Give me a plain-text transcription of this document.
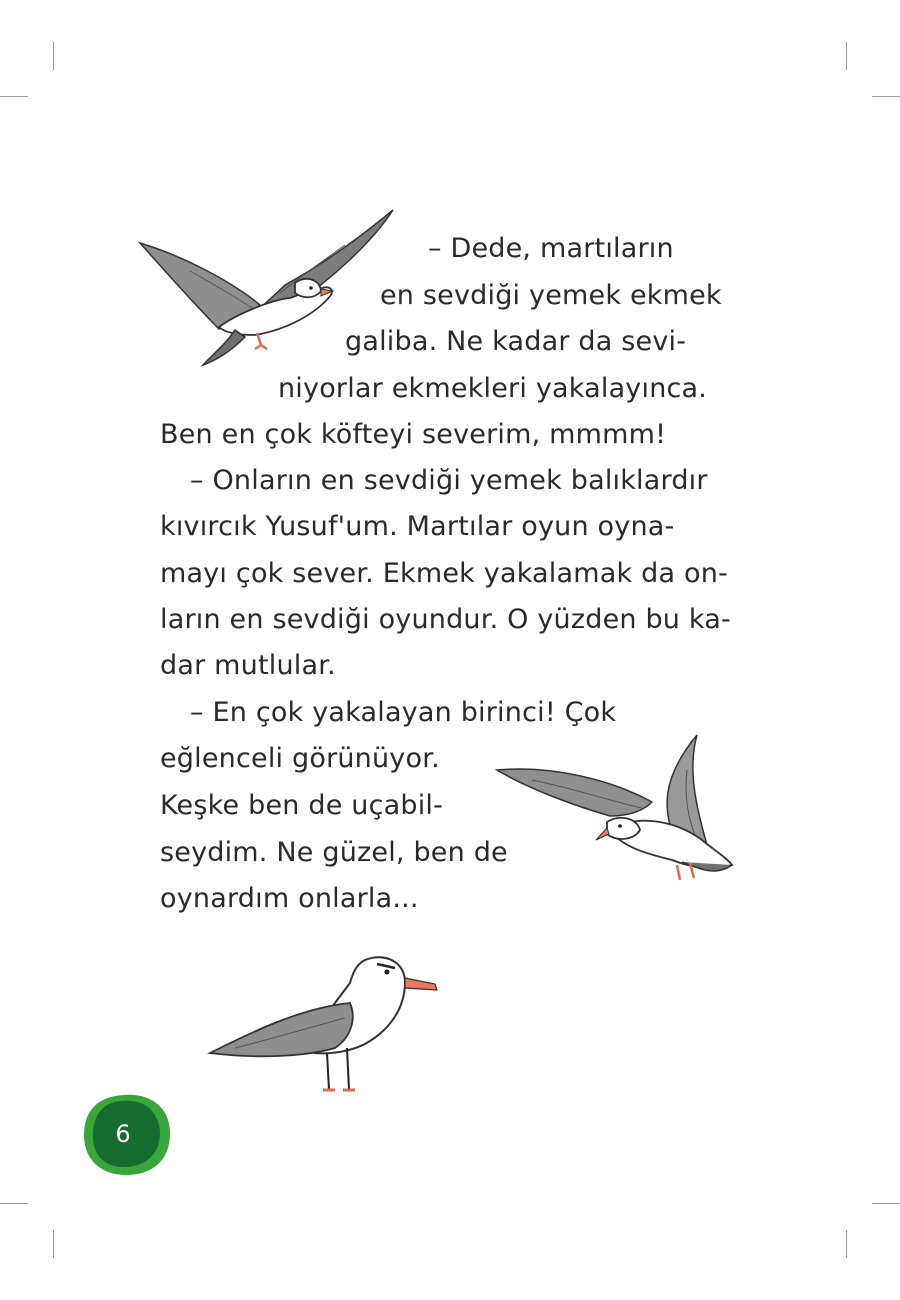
– Dede, martıların
en sevdiği yemek ekmek
galiba. Ne kadar da sevi-
niyorlar ekmekleri yakalayınca.
Ben en çok köfteyi severim, mmmm!
– Onların en sevdiği yemek balıklardır
kıvırcık Yusuf'um. Martılar oyun oyna-
mayı çok sever. Ekmek yakalamak da on-
ların en sevdiği oyundur. O yüzden bu ka-
dar mutlular.
– En çok yakalayan birinci! Çok
eğlenceli görünüyor.
Keşke ben de uçabil-
seydim. Ne güzel, ben de
oynardım onlarla...
6
